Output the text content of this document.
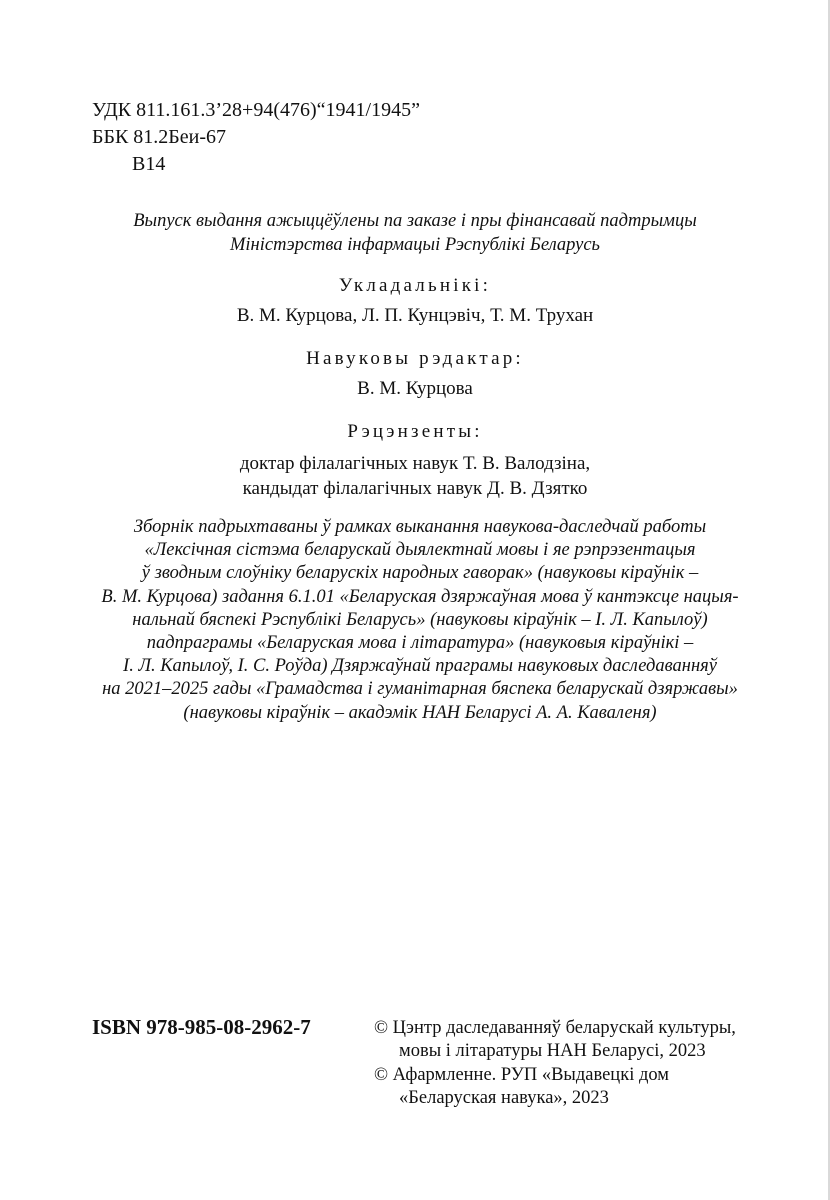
УДК 811.161.3’28+94(476)“1941/1945”
ББК 81.2Беи-67
В14
Выпуск выдання ажыццёўлены па заказе і пры фінансавай падтрымцы
Міністэрства інфармацыі Рэспублікі Беларусь
Укладальнікі:
В. М. Курцова, Л. П. Кунцэвіч, Т. М. Трухан
Навуковы рэдактар:
В. М. Курцова
Рэцэнзенты:
доктар філалагічных навук Т. В. Валодзіна,
кандыдат філалагічных навук Д. В. Дзятко
Зборнік падрыхтаваны ў рамках выканання навукова-даследчай работы
«Лексічная сістэма беларускай дыялектнай мовы і яе рэпрэзентацыя
ў зводным слоўніку беларускіх народных гаворак» (навуковы кіраўнік –
В. М. Курцова) задання 6.1.01 «Беларуская дзяржаўная мова ў кантэксце нацыя-
нальнай бяспекі Рэспублікі Беларусь» (навуковы кіраўнік – І. Л. Капылоў)
падпраграмы «Беларуская мова і літаратура» (навуковыя кіраўнікі –
І. Л. Капылоў, І. С. Роўда) Дзяржаўнай праграмы навуковых даследаванняў
на 2021–2025 гады «Грамадства і гуманітарная бяспека беларускай дзяржавы»
(навуковы кіраўнік – акадэмік НАН Беларусі А. А. Каваленя)
ISBN 978-985-08-2962-7	© Цэнтр даследаванняў беларускай культуры,
мовы і літаратуры НАН Беларусі, 2023
© Афармленне. РУП «Выдавецкі дом
«Беларуская навука», 2023
